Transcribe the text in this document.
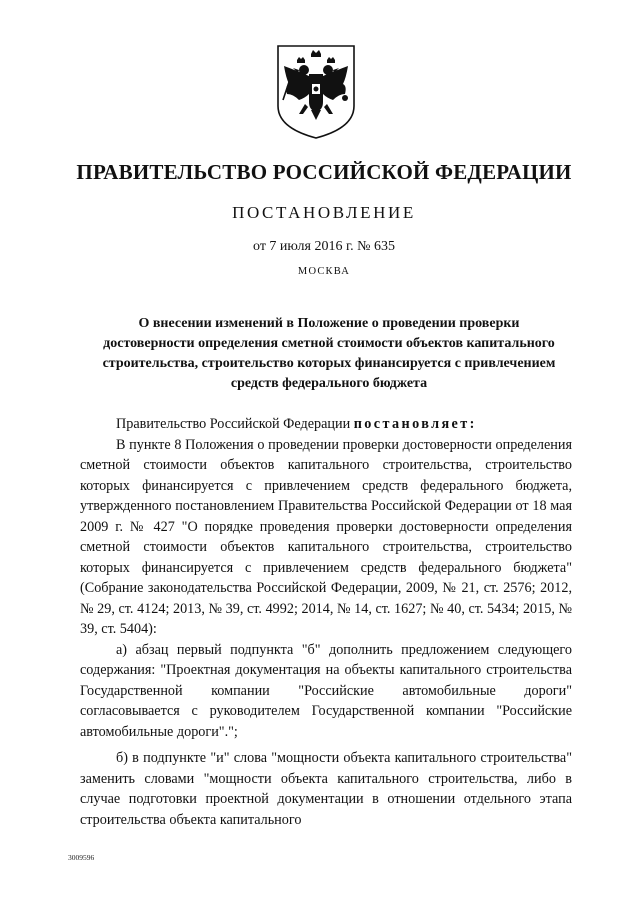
ПРАВИТЕЛЬСТВО РОССИЙСКОЙ ФЕДЕРАЦИИ
ПОСТАНОВЛЕНИЕ
от 7 июля 2016 г. № 635
МОСКВА
О внесении изменений в Положение о проведении проверки достоверности определения сметной стоимости объектов капитального строительства, строительство которых финансируется с привлечением средств федерального бюджета

Правительство Российской Федерации постановляет:

В пункте 8 Положения о проведении проверки достоверности определения сметной стоимости объектов капитального строительства, строительство которых финансируется с привлечением средств федерального бюджета, утвержденного постановлением Правительства Российской Федерации от 18 мая 2009 г. № 427 "О порядке проведения проверки достоверности определения сметной стоимости объектов капитального строительства, строительство которых финансируется с привлечением средств федерального бюджета" (Собрание законодательства Российской Федерации, 2009, № 21, ст. 2576; 2012, № 29, ст. 4124; 2013, № 39, ст. 4992; 2014, № 14, ст. 1627; № 40, ст. 5434; 2015, № 39, ст. 5404):

а) абзац первый подпункта "б" дополнить предложением следующего содержания: "Проектная документация на объекты капитального строительства Государственной компании "Российские автомобильные дороги" согласовывается с руководителем Государственной компании "Российские автомобильные дороги".";

б) в подпункте "и" слова "мощности объекта капитального строительства" заменить словами "мощности объекта капитального строительства, либо в случае подготовки проектной документации в отношении отдельного этапа строительства объекта капитального

3009596
